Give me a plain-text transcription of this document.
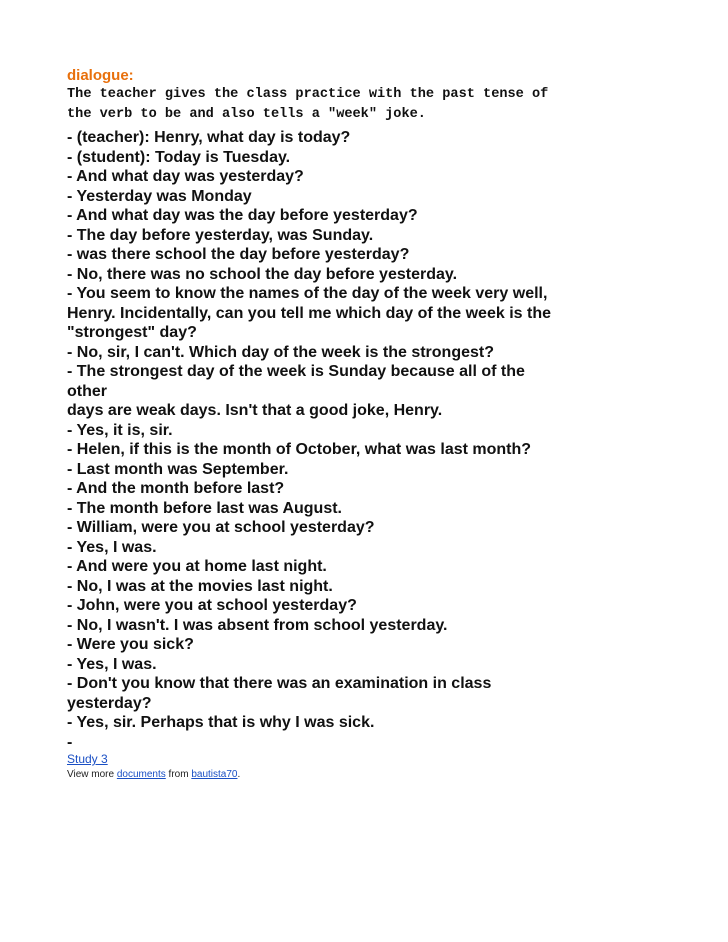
dialogue:

The teacher gives the class practice with the past tense of

the verb to be and also tells a "week" joke.

- (teacher): Henry, what day is today?
- (student): Today is Tuesday.
- And what day was yesterday?
- Yesterday was Monday
- And what day was the day before yesterday?
- The day before yesterday, was Sunday.
- was there school the day before yesterday?
- No, there was no school the day before yesterday.
- You seem to know the names of the day of the week very well,
Henry. Incidentally, can you tell me which day of the week is the
"strongest" day?
- No, sir, I can't. Which day of the week is the strongest?
- The strongest day of the week is Sunday because all of the
other
days are weak days. Isn't that a good joke, Henry.
- Yes, it is, sir.
- Helen, if this is the month of October, what was last month?
- Last month was September.
- And the month before last?
- The month before last was August.
- William, were you at school yesterday?
- Yes, I was.
- And were you at home last night.
- No, I was at the movies last night.
- John, were you at school yesterday?
- No, I wasn't. I was absent from school yesterday.
- Were you sick?
- Yes, I was.
- Don't you know that there was an examination in class
yesterday?
- Yes, sir. Perhaps that is why I was sick.
-
Study 3

View more documents from bautista70.
